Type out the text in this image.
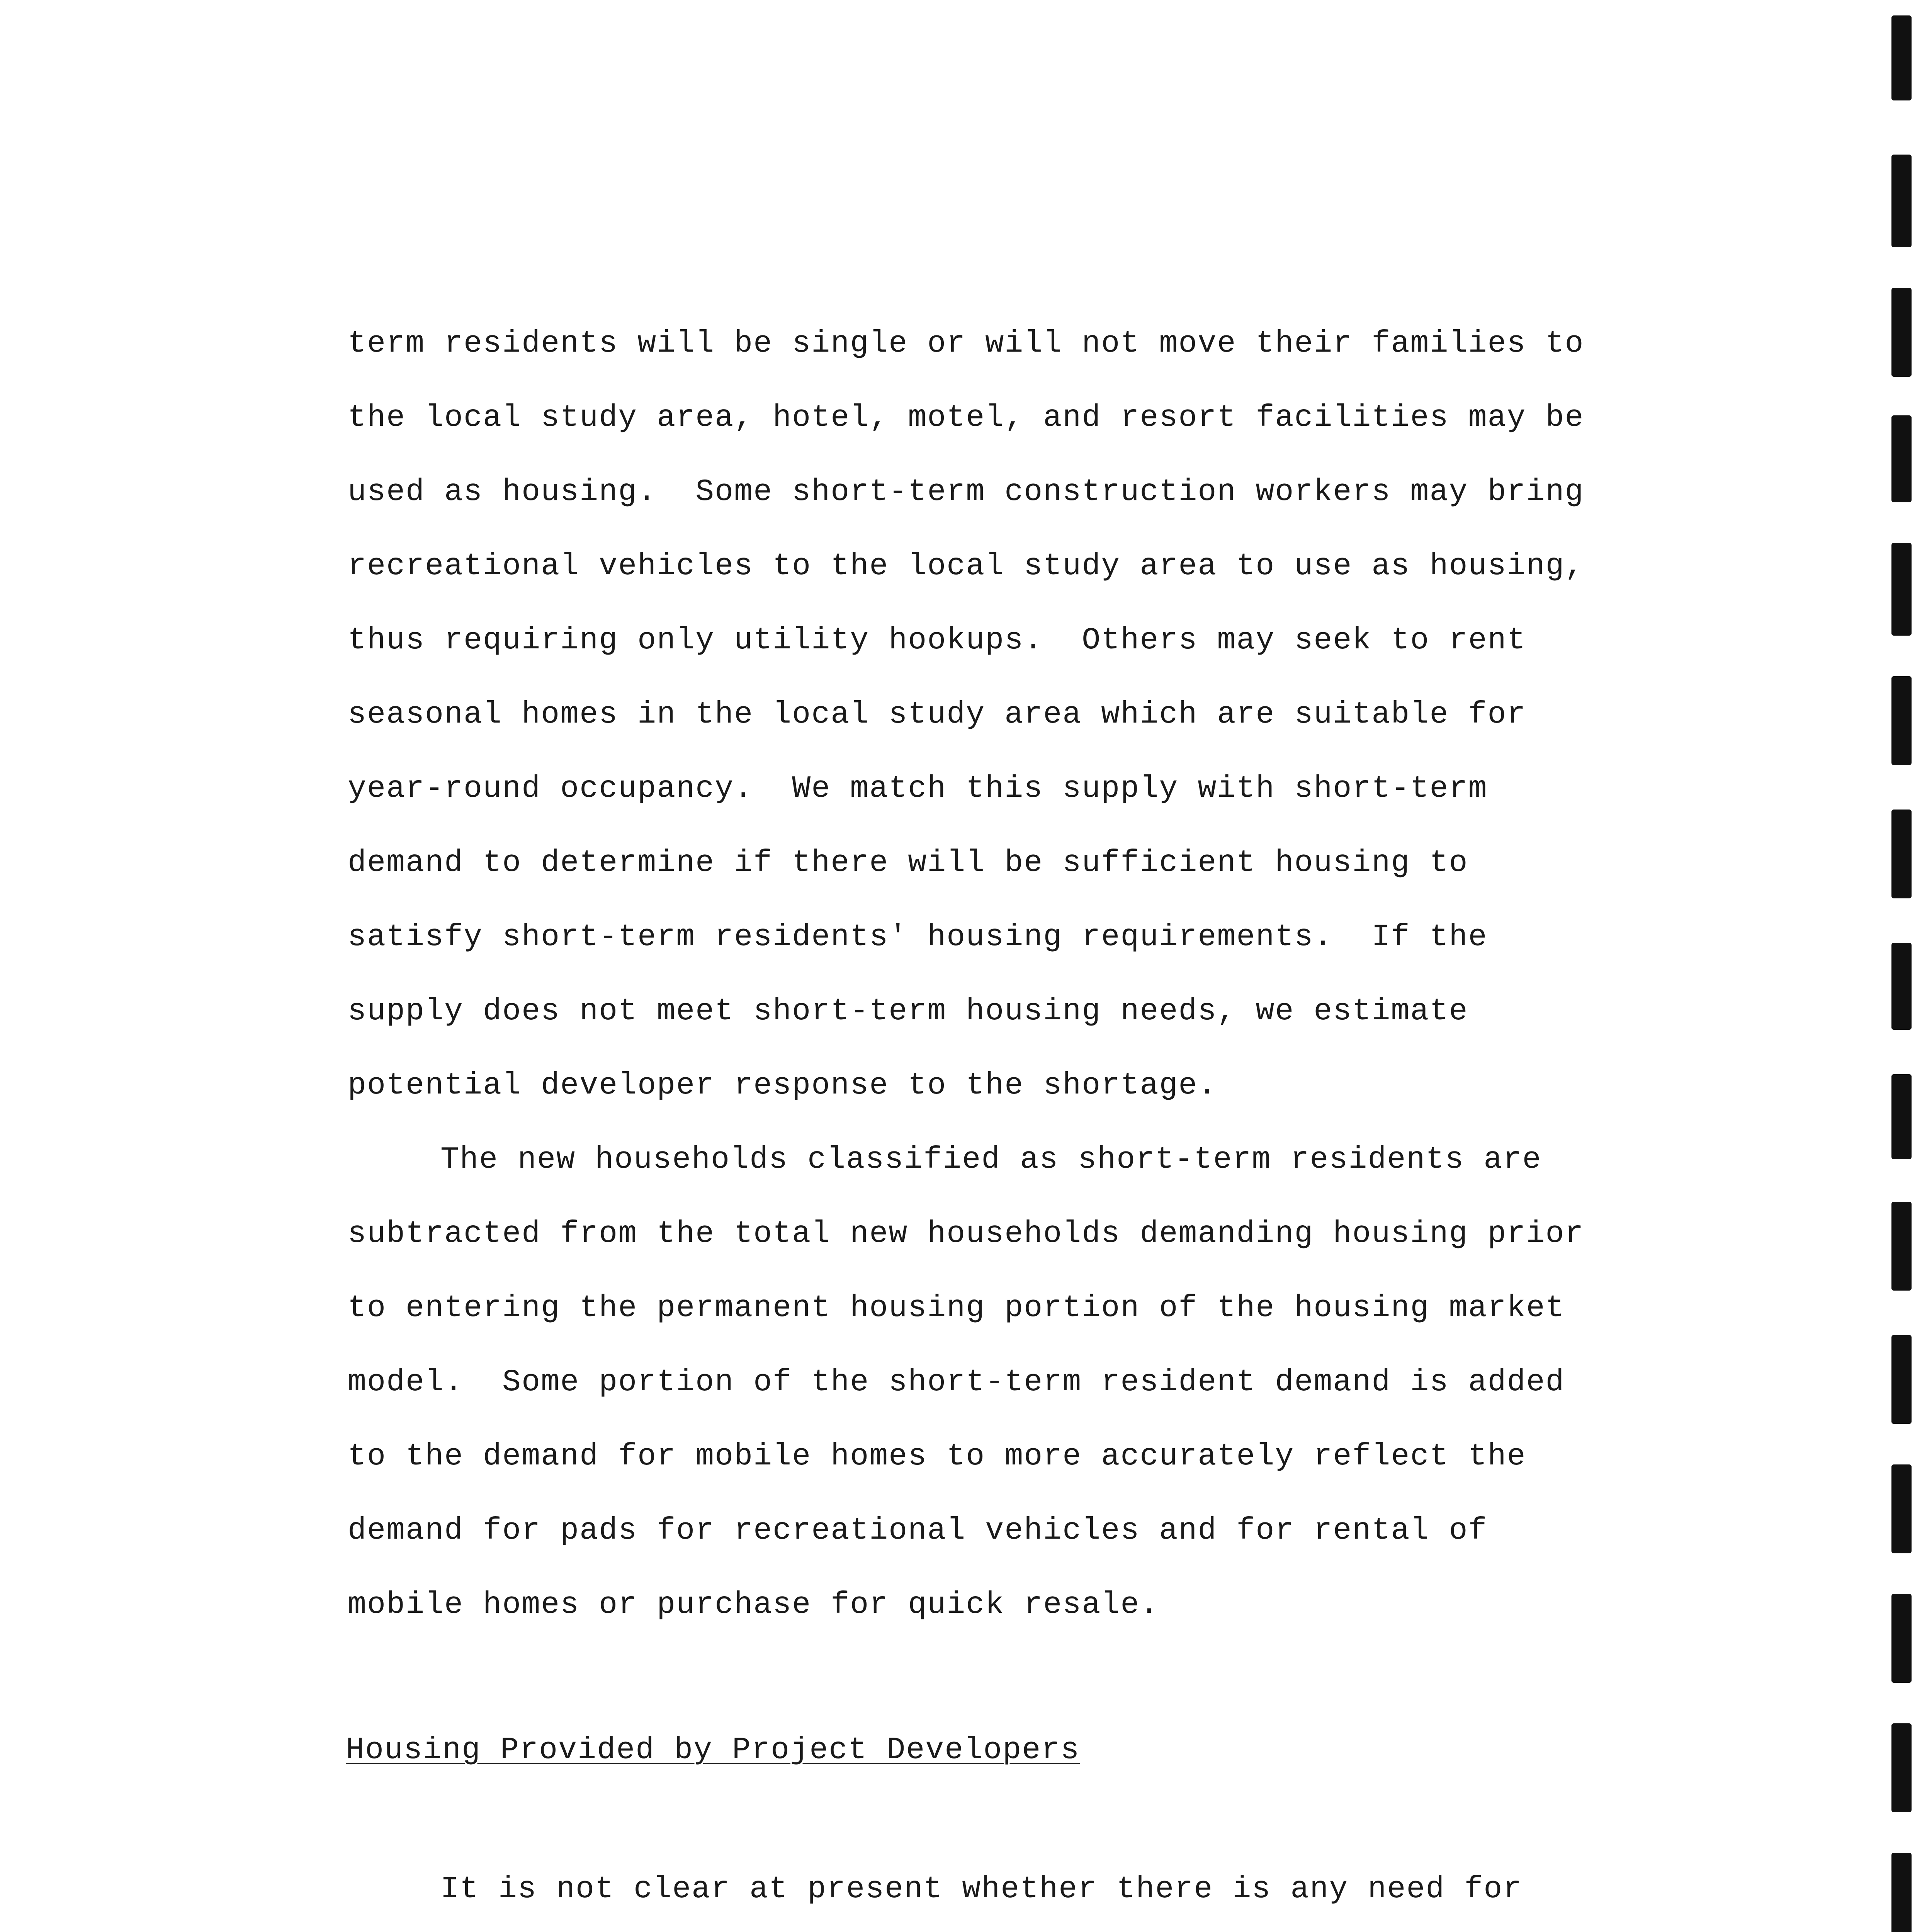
term residents will be single or will not move their families to
the local study area, hotel, motel, and resort facilities may be
used as housing.  Some short-term construction workers may bring
recreational vehicles to the local study area to use as housing,
thus requiring only utility hookups.  Others may seek to rent
seasonal homes in the local study area which are suitable for
year-round occupancy.  We match this supply with short-term
demand to determine if there will be sufficient housing to
satisfy short-term residents' housing requirements.  If the
supply does not meet short-term housing needs, we estimate
potential developer response to the shortage.
The new households classified as short-term residents are
subtracted from the total new households demanding housing prior
to entering the permanent housing portion of the housing market
model.  Some portion of the short-term resident demand is added
to the demand for mobile homes to more accurately reflect the
demand for pads for recreational vehicles and for rental of
mobile homes or purchase for quick resale.
Housing Provided by Project Developers
It is not clear at present whether there is any need for
